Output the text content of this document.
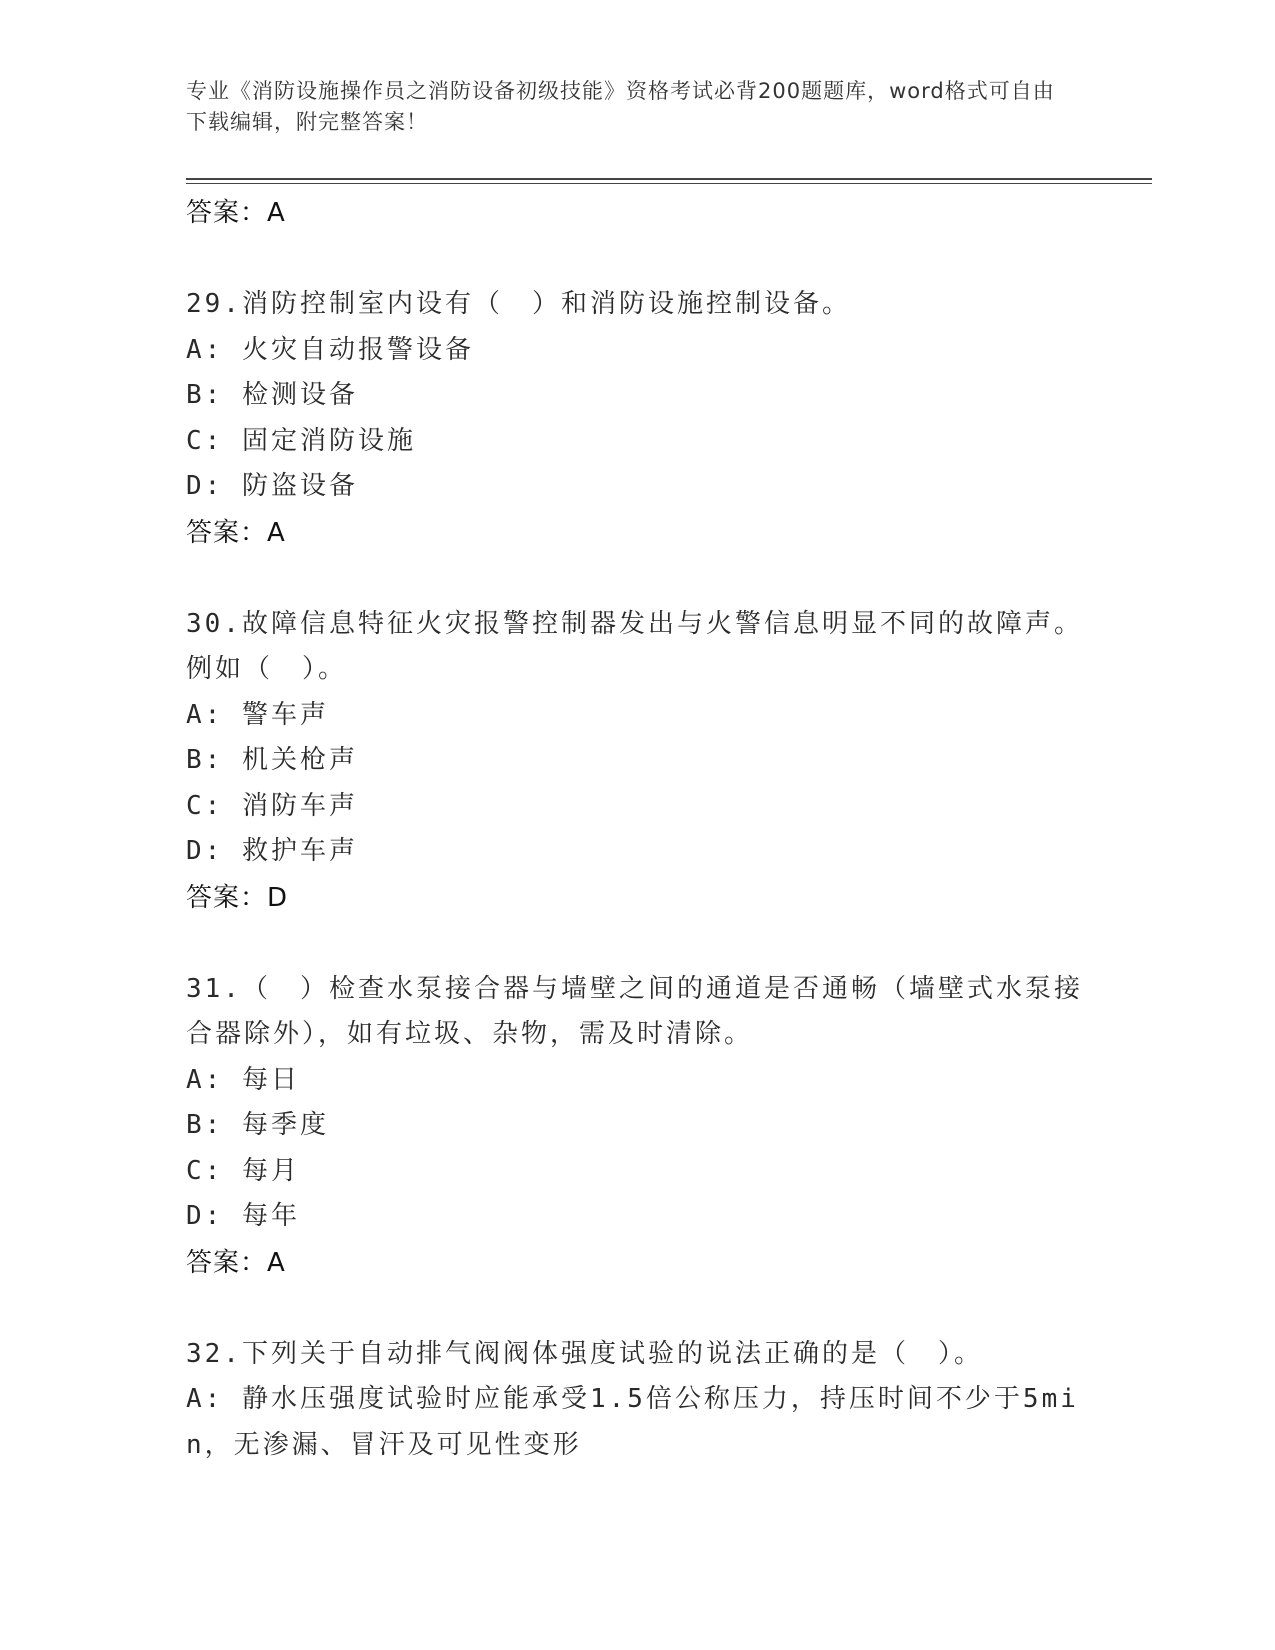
专业《消防设施操作员之消防设备初级技能》资格考试必背200题题库，word格式可自由下载编辑，附完整答案！
答案：A
29.消防控制室内设有（　）和消防设施控制设备。
A: 火灾自动报警设备
B: 检测设备
C: 固定消防设施
D: 防盗设备
答案：A
30.故障信息特征火灾报警控制器发出与火警信息明显不同的故障声。例如（　）。
A: 警车声
B: 机关枪声
C: 消防车声
D: 救护车声
答案：D
31.（　）检查水泵接合器与墙壁之间的通道是否通畅（墙壁式水泵接合器除外），如有垃圾、杂物，需及时清除。
A: 每日
B: 每季度
C: 每月
D: 每年
答案：A
32.下列关于自动排气阀阀体强度试验的说法正确的是（　）。
A: 静水压强度试验时应能承受1.5倍公称压力，持压时间不少于5min，无渗漏、冒汗及可见性变形
